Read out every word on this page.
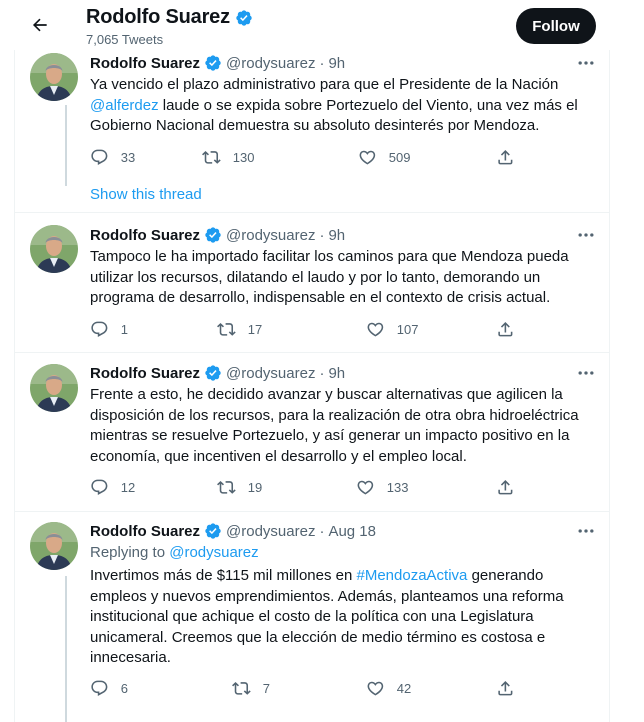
Rodolfo Suarez
7,065 Tweets
Follow
Rodolfo Suarez @rodysuarez · 9h
Ya vencido el plazo administrativo para que el Presidente de la Nación @alferdez laude o se expida sobre Portezuelo del Viento, una vez más el Gobierno Nacional demuestra su absoluto desinterés por Mendoza.
33	130	509
Show this thread
Rodolfo Suarez @rodysuarez · 9h
Tampoco le ha importado facilitar los caminos para que Mendoza pueda utilizar los recursos, dilatando el laudo y por lo tanto, demorando un programa de desarrollo, indispensable en el contexto de crisis actual.
1	17	107
Rodolfo Suarez @rodysuarez · 9h
Frente a esto, he decidido avanzar y buscar alternativas que agilicen la disposición de los recursos, para la realización de otra obra hidroeléctrica mientras se resuelve Portezuelo, y así generar un impacto positivo en la economía, que incentiven el desarrollo y el empleo local.
12	19	133
Rodolfo Suarez @rodysuarez · Aug 18
Replying to @rodysuarez
Invertimos más de $115 mil millones en #MendozaActiva generando empleos y nuevos emprendimientos. Además, planteamos una reforma institucional que achique el costo de la política con una Legislatura unicameral. Creemos que la elección de medio término es costosa e innecesaria.
6	7	42
